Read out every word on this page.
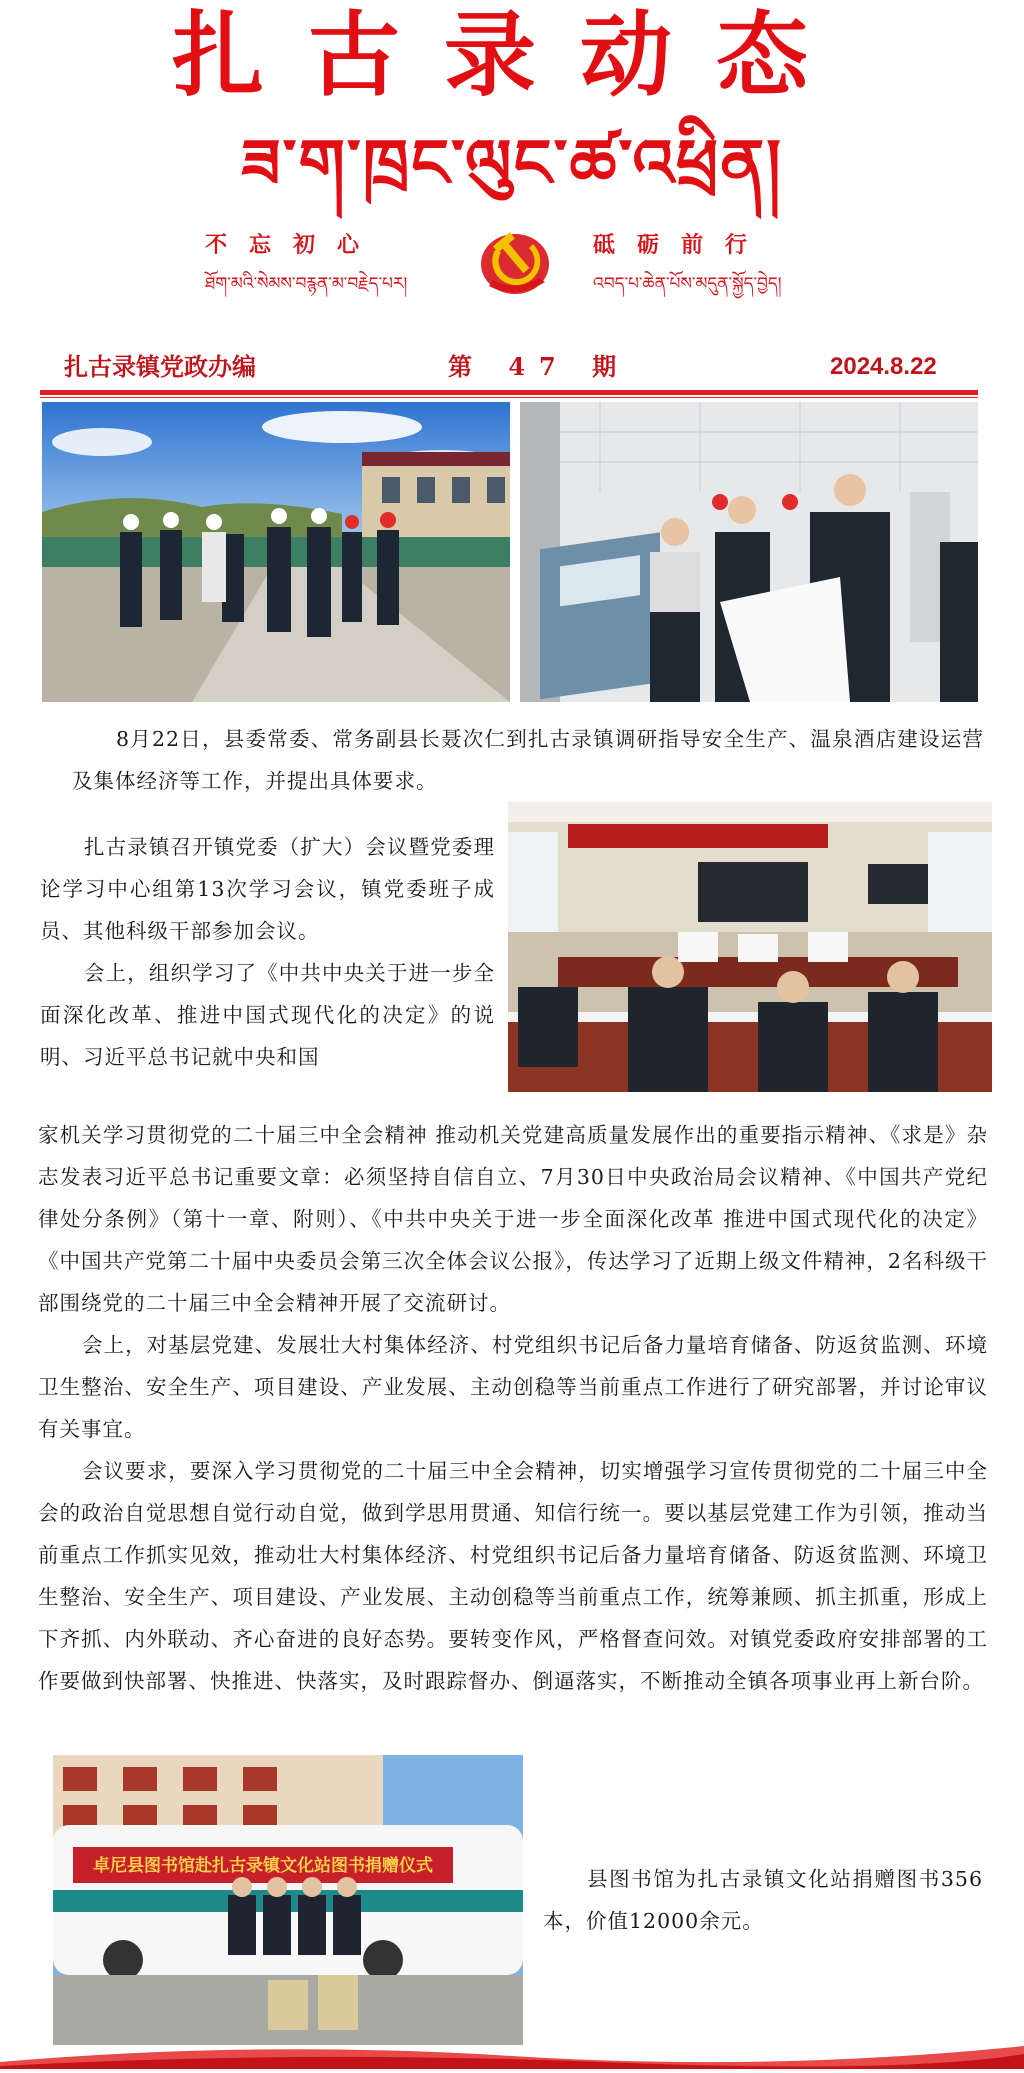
扎古录动态
ཟ་ག་ཁྲང་ལུང་ཚ་འཕྲིན།
不忘初心	砥砺前行
ཐོག་མའི་སེམས་བརྙན་མ་བརྗེད་པར།	འབད་པ་ཆེན་པོས་མདུན་སྐྱོད་བྱེད།
扎古录镇党政办编	第 47 期	2024.8.22

8月22日，县委常委、常务副县长聂次仁到扎古录镇调研指导安全生产、温泉酒店建设运营及集体经济等工作，并提出具体要求。

扎古录镇召开镇党委（扩大）会议暨党委理论学习中心组第13次学习会议，镇党委班子成员、其他科级干部参加会议。

会上，组织学习了《中共中央关于进一步全面深化改革、推进中国式现代化的决定》的说明、习近平总书记就中央和国

家机关学习贯彻党的二十届三中全会精神 推动机关党建高质量发展作出的重要指示精神、《求是》杂志发表习近平总书记重要文章：必须坚持自信自立、7月30日中央政治局会议精神、《中国共产党纪律处分条例》（第十一章、附则）、《中共中央关于进一步全面深化改革 推进中国式现代化的决定》《中国共产党第二十届中央委员会第三次全体会议公报》，传达学习了近期上级文件精神，2名科级干部围绕党的二十届三中全会精神开展了交流研讨。

会上，对基层党建、发展壮大村集体经济、村党组织书记后备力量培育储备、防返贫监测、环境卫生整治、安全生产、项目建设、产业发展、主动创稳等当前重点工作进行了研究部署，并讨论审议有关事宜。

会议要求，要深入学习贯彻党的二十届三中全会精神，切实增强学习宣传贯彻党的二十届三中全会的政治自觉思想自觉行动自觉，做到学思用贯通、知信行统一。要以基层党建工作为引领，推动当前重点工作抓实见效，推动壮大村集体经济、村党组织书记后备力量培育储备、防返贫监测、环境卫生整治、安全生产、项目建设、产业发展、主动创稳等当前重点工作，统筹兼顾、抓主抓重，形成上下齐抓、内外联动、齐心奋进的良好态势。要转变作风，严格督查问效。对镇党委政府安排部署的工作要做到快部署、快推进、快落实，及时跟踪督办、倒逼落实，不断推动全镇各项事业再上新台阶。

卓尼县图书馆赴扎古录镇文化站图书捐赠仪式

县图书馆为扎古录镇文化站捐赠图书356本，价值12000余元。
